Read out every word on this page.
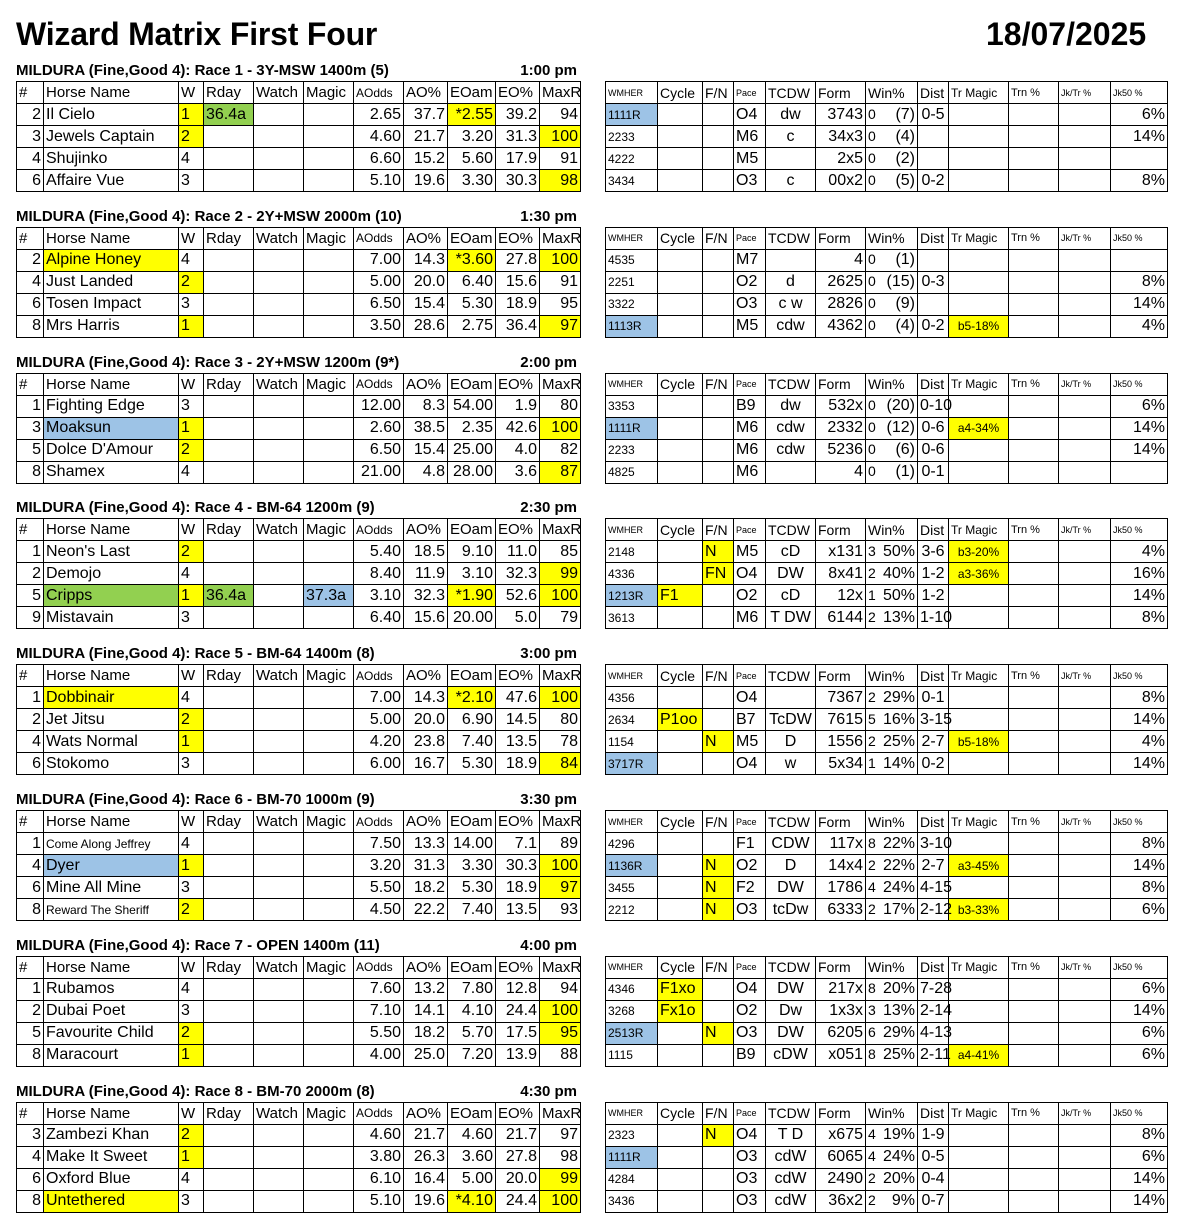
Wizard Matrix First Four	18/07/2025
MILDURA (Fine,Good 4): Race 1 - 3Y-MSW 1400m (5)	1:00 pm
#	Horse Name	W	Rday	Watch	Magic	AOdds	AO%	EOam	EO%	MaxR
2	Il Cielo	1	36.4a			2.65	37.7	*2.55	39.2	94
3	Jewels Captain	2				4.60	21.7	3.20	31.3	100
4	Shujinko	4				6.60	15.2	5.60	17.9	91
6	Affaire Vue	3				5.10	19.6	3.30	30.3	98
WMHER	Cycle	F/N	Pace	TCDW	Form	Win%	Dist	Tr Magic	Trn %	Jk/Tr %	Jk50 %
1111R			O4	dw	3743	0 (7)	0-5				6%
2233			M6	c	34x3	0 (4)					14%
4222			M5		2x5	0 (2)					

3434			O3	c	00x2	0 (5)	0-2				8%
MILDURA (Fine,Good 4): Race 2 - 2Y+MSW 2000m (10)	1:30 pm
#	Horse Name	W	Rday	Watch	Magic	AOdds	AO%	EOam	EO%	MaxR
2	Alpine Honey	4				7.00	14.3	*3.60	27.8	100
4	Just Landed	2				5.00	20.0	6.40	15.6	91
6	Tosen Impact	3				6.50	15.4	5.30	18.9	95
8	Mrs Harris	1				3.50	28.6	2.75	36.4	97
WMHER	Cycle	F/N	Pace	TCDW	Form	Win%	Dist	Tr Magic	Trn %	Jk/Tr %	Jk50 %
4535			M7		4	0 (1)					

2251			O2	d	2625	0 (15)	0-3				8%
3322			O3	c w	2826	0 (9)					14%
1113R			M5	cdw	4362	0 (4)	0-2	b5-18%			4%
MILDURA (Fine,Good 4): Race 3 - 2Y+MSW 1200m (9*)	2:00 pm
#	Horse Name	W	Rday	Watch	Magic	AOdds	AO%	EOam	EO%	MaxR
1	Fighting Edge	3				12.00	8.3	54.00	1.9	80
3	Moaksun	1				2.60	38.5	2.35	42.6	100
5	Dolce D'Amour	2				6.50	15.4	25.00	4.0	82
8	Shamex	4				21.00	4.8	28.00	3.6	87
WMHER	Cycle	F/N	Pace	TCDW	Form	Win%	Dist	Tr Magic	Trn %	Jk/Tr %	Jk50 %
3353			B9	dw	532x	0 (20)	0-10				6%
1111R			M6	cdw	2332	0 (12)	0-6	a4-34%			14%
2233			M6	cdw	5236	0 (6)	0-6				14%
4825			M6		4	0 (1)	0-1				
MILDURA (Fine,Good 4): Race 4 - BM-64 1200m (9)	2:30 pm
#	Horse Name	W	Rday	Watch	Magic	AOdds	AO%	EOam	EO%	MaxR
1	Neon's Last	2				5.40	18.5	9.10	11.0	85
2	Demojo	4				8.40	11.9	3.10	32.3	99
5	Cripps	1	36.4a		37.3a	3.10	32.3	*1.90	52.6	100
9	Mistavain	3				6.40	15.6	20.00	5.0	79
WMHER	Cycle	F/N	Pace	TCDW	Form	Win%	Dist	Tr Magic	Trn %	Jk/Tr %	Jk50 %
2148		N	M5	cD	x131	3 50%	3-6	b3-20%			4%
4336		FN	O4	DW	8x41	2 40%	1-2	a3-36%			16%
1213R	F1		O2	cD	12x	1 50%	1-2				14%
3613			M6	T DW	6144	2 13%	1-10				8%
MILDURA (Fine,Good 4): Race 5 - BM-64 1400m (8)	3:00 pm
#	Horse Name	W	Rday	Watch	Magic	AOdds	AO%	EOam	EO%	MaxR
1	Dobbinair	4				7.00	14.3	*2.10	47.6	100
2	Jet Jitsu	2				5.00	20.0	6.90	14.5	80
4	Wats Normal	1				4.20	23.8	7.40	13.5	78
6	Stokomo	3				6.00	16.7	5.30	18.9	84
WMHER	Cycle	F/N	Pace	TCDW	Form	Win%	Dist	Tr Magic	Trn %	Jk/Tr %	Jk50 %
4356			O4		7367	2 29%	0-1				8%
2634	P1oo		B7	TcDW	7615	5 16%	3-15				14%
1154		N	M5	D	1556	2 25%	2-7	b5-18%			4%
3717R			O4	w	5x34	1 14%	0-2				14%
MILDURA (Fine,Good 4): Race 6 - BM-70 1000m (9)	3:30 pm
#	Horse Name	W	Rday	Watch	Magic	AOdds	AO%	EOam	EO%	MaxR
1	Come Along Jeffrey	4				7.50	13.3	14.00	7.1	89
4	Dyer	1				3.20	31.3	3.30	30.3	100
6	Mine All Mine	3				5.50	18.2	5.30	18.9	97
8	Reward The Sheriff	2				4.50	22.2	7.40	13.5	93
WMHER	Cycle	F/N	Pace	TCDW	Form	Win%	Dist	Tr Magic	Trn %	Jk/Tr %	Jk50 %
4296			F1	CDW	117x	8 22%	3-10				8%
1136R		N	O2	D	14x4	2 22%	2-7	a3-45%			14%
3455		N	F2	DW	1786	4 24%	4-15				8%
2212		N	O3	tcDw	6333	2 17%	2-12	b3-33%			6%
MILDURA (Fine,Good 4): Race 7 - OPEN 1400m (11)	4:00 pm
#	Horse Name	W	Rday	Watch	Magic	AOdds	AO%	EOam	EO%	MaxR
1	Rubamos	4				7.60	13.2	7.80	12.8	94
2	Dubai Poet	3				7.10	14.1	4.10	24.4	100
5	Favourite Child	2				5.50	18.2	5.70	17.5	95
8	Maracourt	1				4.00	25.0	7.20	13.9	88
WMHER	Cycle	F/N	Pace	TCDW	Form	Win%	Dist	Tr Magic	Trn %	Jk/Tr %	Jk50 %
4346	F1xo		O4	DW	217x	8 20%	7-28				6%
3268	Fx1o		O2	Dw	1x3x	3 13%	2-14				14%
2513R		N	O3	DW	6205	6 29%	4-13				6%
1115			B9	cDW	x051	8 25%	2-11	a4-41%			6%
MILDURA (Fine,Good 4): Race 8 - BM-70 2000m (8)	4:30 pm
#	Horse Name	W	Rday	Watch	Magic	AOdds	AO%	EOam	EO%	MaxR
3	Zambezi Khan	2				4.60	21.7	4.60	21.7	97
4	Make It Sweet	1				3.80	26.3	3.60	27.8	98
6	Oxford Blue	4				6.10	16.4	5.00	20.0	99
8	Untethered	3				5.10	19.6	*4.10	24.4	100
WMHER	Cycle	F/N	Pace	TCDW	Form	Win%	Dist	Tr Magic	Trn %	Jk/Tr %	Jk50 %
2323		N	O4	T D	x675	4 19%	1-9				8%
1111R			O3	cdW	6065	4 24%	0-5				6%
4284			O3	cdW	2490	2 20%	0-4				14%
3436			O3	cdW	36x2	2 9%	0-7				14%
